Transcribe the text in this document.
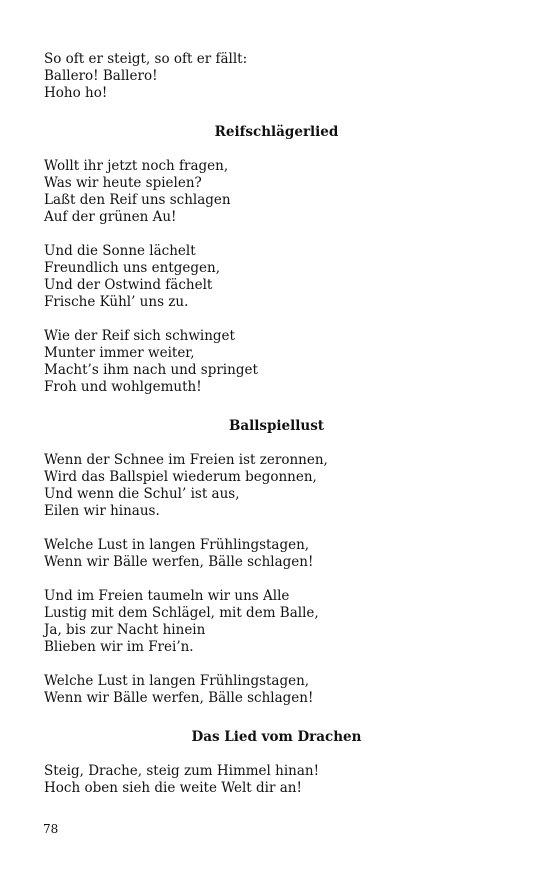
So oft er steigt, so oft er fällt:
Ballero! Ballero!
Hoho ho!
Reifschlägerlied
Wollt ihr jetzt noch fragen,
Was wir heute spielen?
Laßt den Reif uns schlagen
Auf der grünen Au!
Und die Sonne lächelt
Freundlich uns entgegen,
Und der Ostwind fächelt
Frische Kühl’ uns zu.
Wie der Reif sich schwinget
Munter immer weiter,
Macht’s ihm nach und springet
Froh und wohlgemuth!
Ballspiellust
Wenn der Schnee im Freien ist zeronnen,
Wird das Ballspiel wiederum begonnen,
Und wenn die Schul’ ist aus,
Eilen wir hinaus.
Welche Lust in langen Frühlingstagen,
Wenn wir Bälle werfen, Bälle schlagen!
Und im Freien taumeln wir uns Alle
Lustig mit dem Schlägel, mit dem Balle,
Ja, bis zur Nacht hinein
Blieben wir im Frei’n.
Welche Lust in langen Frühlingstagen,
Wenn wir Bälle werfen, Bälle schlagen!
Das Lied vom Drachen
Steig, Drache, steig zum Himmel hinan!
Hoch oben sieh die weite Welt dir an!
78
